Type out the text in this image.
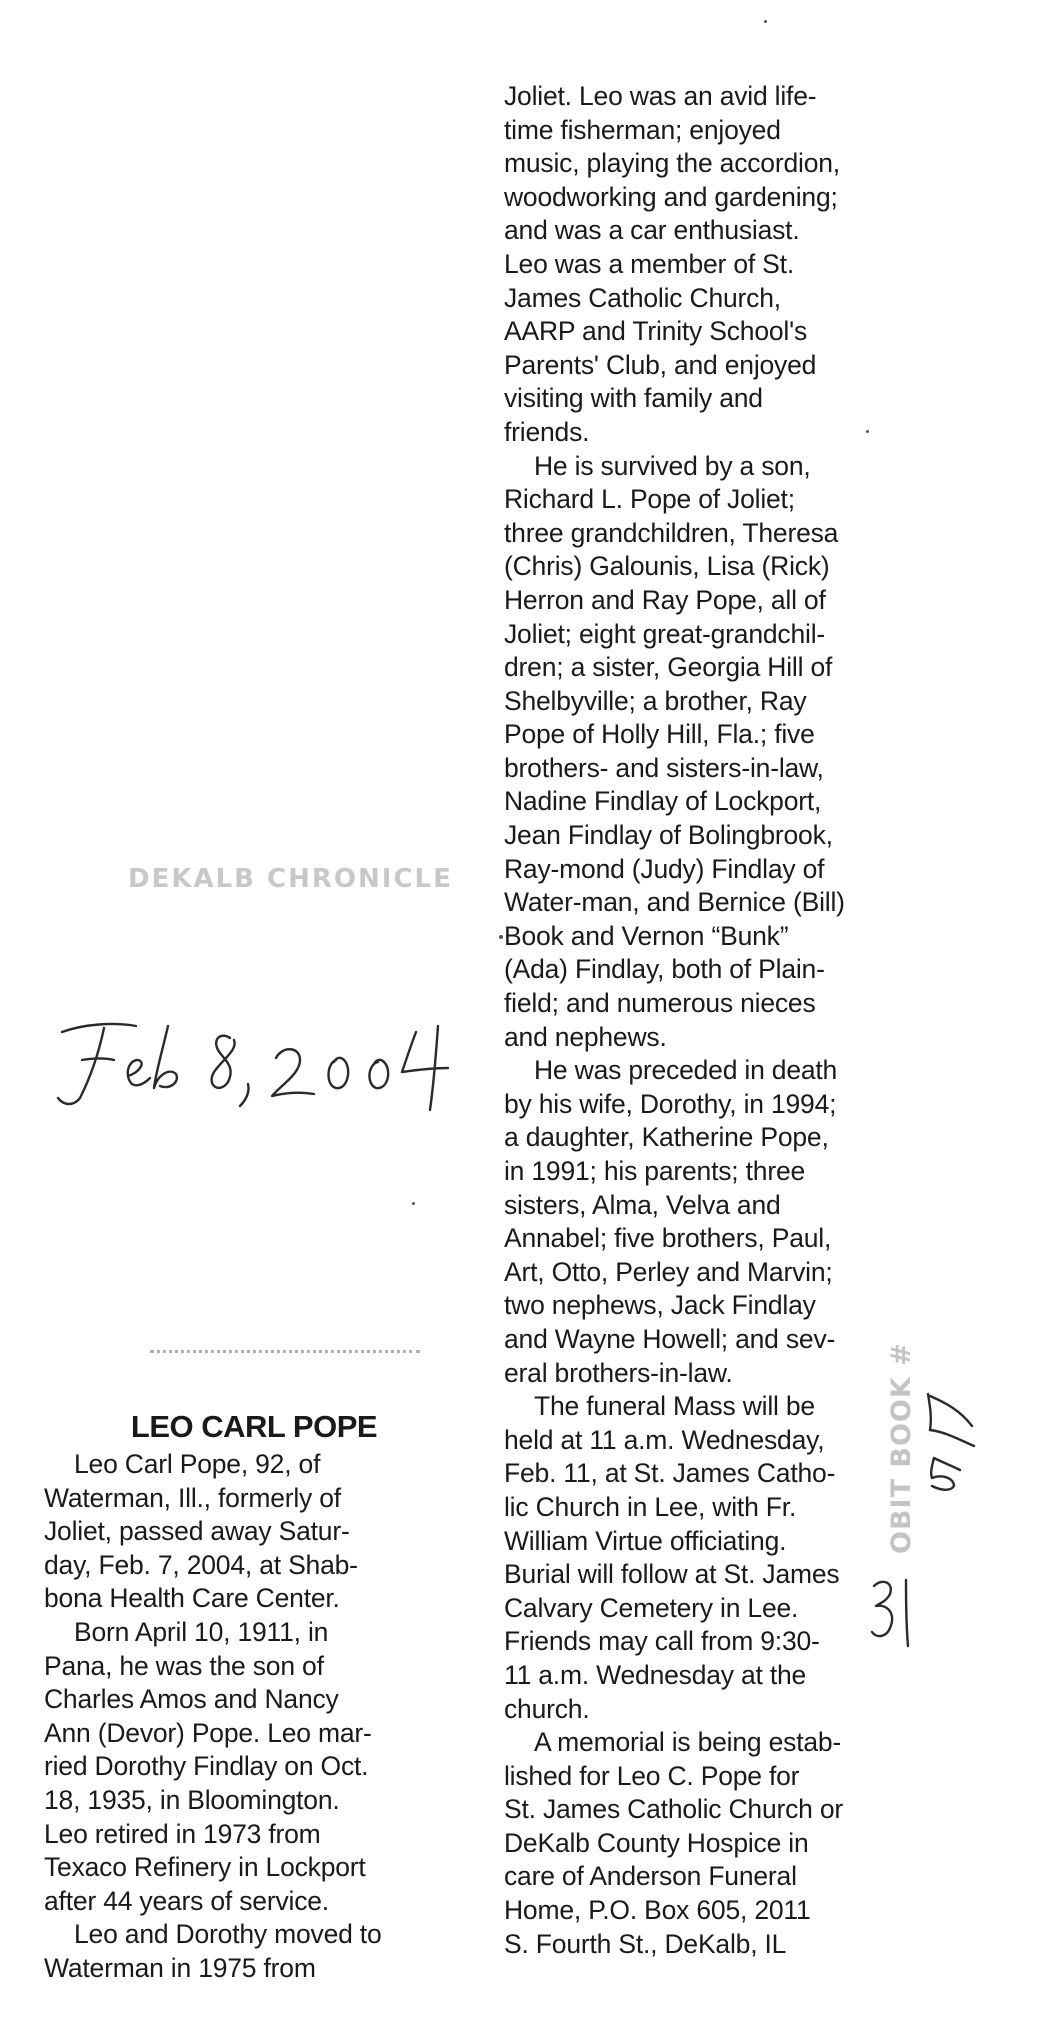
DEKALB CHRONICLE
LEO CARL POPE
Leo Carl Pope, 92, of
Waterman, Ill., formerly of
Joliet, passed away Satur-
day, Feb. 7, 2004, at Shab-
bona Health Care Center.
Born April 10, 1911, in
Pana, he was the son of
Charles Amos and Nancy
Ann (Devor) Pope. Leo mar-
ried Dorothy Findlay on Oct.
18, 1935, in Bloomington.
Leo retired in 1973 from
Texaco Refinery in Lockport
after 44 years of service.
Leo and Dorothy moved to
Waterman in 1975 from
Joliet. Leo was an avid life-
time fisherman; enjoyed
music, playing the accordion,
woodworking and gardening;
and was a car enthusiast.
Leo was a member of St.
James Catholic Church,
AARP and Trinity School's
Parents' Club, and enjoyed
visiting with family and
friends.
He is survived by a son,
Richard L. Pope of Joliet;
three grandchildren, Theresa
(Chris) Galounis, Lisa (Rick)
Herron and Ray Pope, all of
Joliet; eight great-grandchil-
dren; a sister, Georgia Hill of
Shelbyville; a brother, Ray
Pope of Holly Hill, Fla.; five
brothers- and sisters-in-law,
Nadine Findlay of Lockport,
Jean Findlay of Bolingbrook,
Ray-mond (Judy) Findlay of
Water-man, and Bernice (Bill)
Book and Vernon “Bunk”
(Ada) Findlay, both of Plain-
field; and numerous nieces
and nephews.
He was preceded in death
by his wife, Dorothy, in 1994;
a daughter, Katherine Pope,
in 1991; his parents; three
sisters, Alma, Velva and
Annabel; five brothers, Paul,
Art, Otto, Perley and Marvin;
two nephews, Jack Findlay
and Wayne Howell; and sev-
eral brothers-in-law.
The funeral Mass will be
held at 11 a.m. Wednesday,
Feb. 11, at St. James Catho-
lic Church in Lee, with Fr.
William Virtue officiating.
Burial will follow at St. James
Calvary Cemetery in Lee.
Friends may call from 9:30-
11 a.m. Wednesday at the
church.
A memorial is being estab-
lished for Leo C. Pope for
St. James Catholic Church or
DeKalb County Hospice in
care of Anderson Funeral
Home, P.O. Box 605, 2011
S. Fourth St., DeKalb, IL
OBIT BOOK #
